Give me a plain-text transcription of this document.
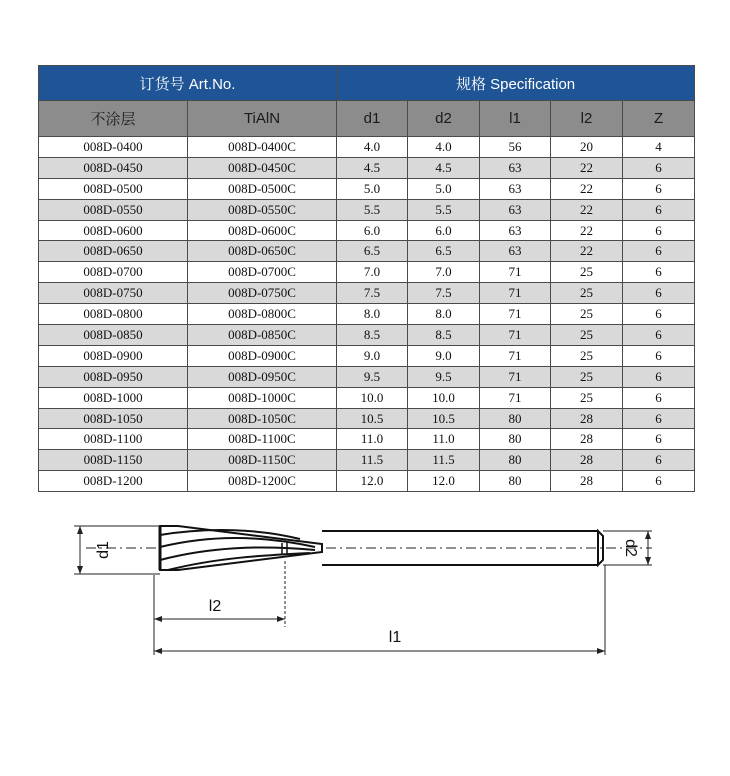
订货号 Art.No.		规格 Specification				
不涂层	TiAlN	d1	d2	l1	l2	Z
008D-0400	008D-0400C	4.0	4.0	56	20	4
008D-0450	008D-0450C	4.5	4.5	63	22	6
008D-0500	008D-0500C	5.0	5.0	63	22	6
008D-0550	008D-0550C	5.5	5.5	63	22	6
008D-0600	008D-0600C	6.0	6.0	63	22	6
008D-0650	008D-0650C	6.5	6.5	63	22	6
008D-0700	008D-0700C	7.0	7.0	71	25	6
008D-0750	008D-0750C	7.5	7.5	71	25	6
008D-0800	008D-0800C	8.0	8.0	71	25	6
008D-0850	008D-0850C	8.5	8.5	71	25	6
008D-0900	008D-0900C	9.0	9.0	71	25	6
008D-0950	008D-0950C	9.5	9.5	71	25	6
008D-1000	008D-1000C	10.0	10.0	71	25	6
008D-1050	008D-1050C	10.5	10.5	80	28	6
008D-1100	008D-1100C	11.0	11.0	80	28	6
008D-1150	008D-1150C	11.5	11.5	80	28	6
008D-1200	008D-1200C	12.0	12.0	80	28	6
d1	d2
l2
l1
